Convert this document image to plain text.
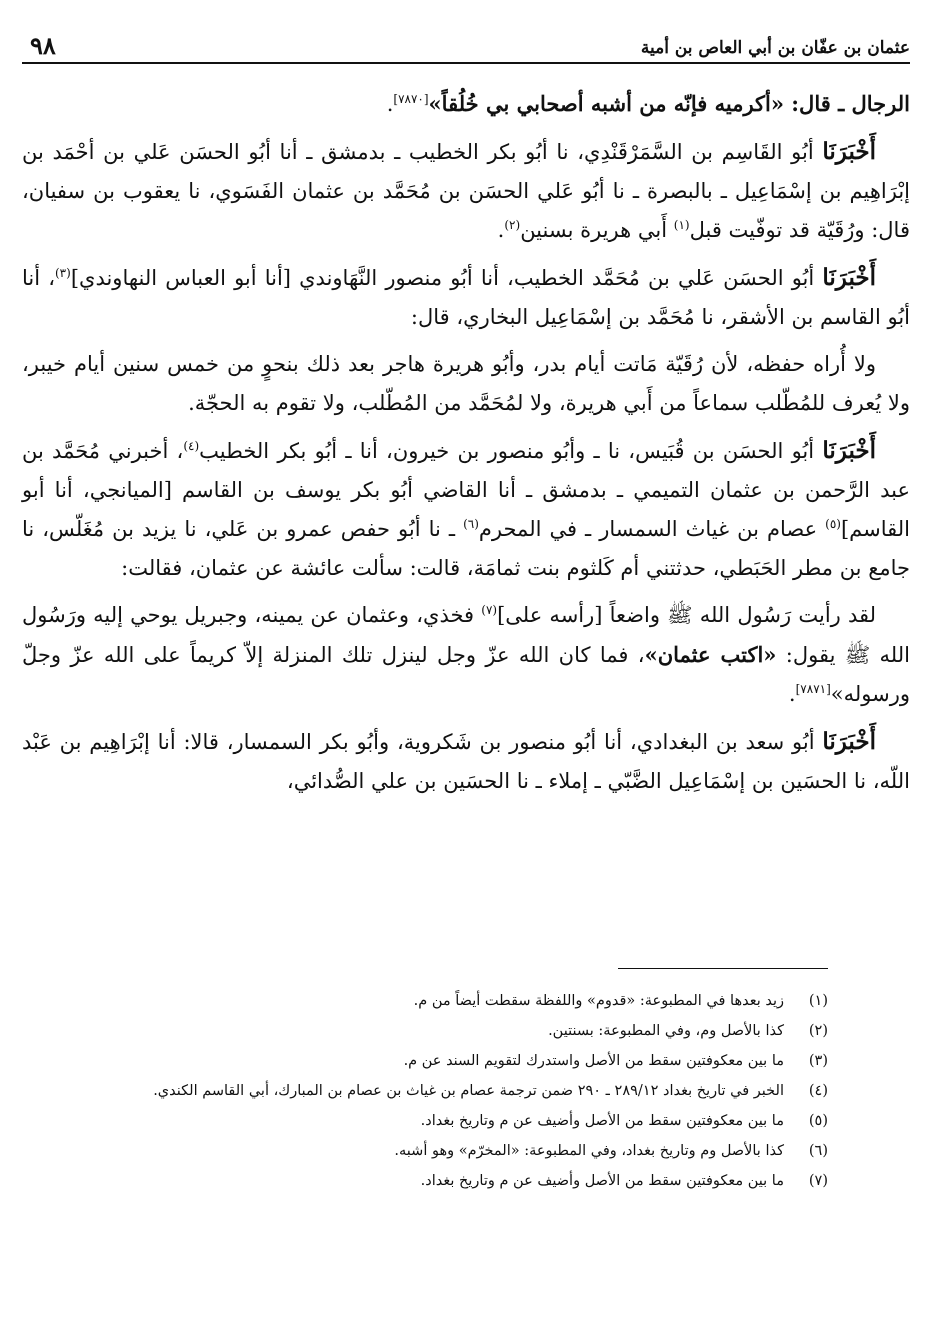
عثمان بن عفّان بن أبي العاص بن أمية
٩٨

الرجال ـ قال: «أكرميه فإنّه من أشبه أصحابي بي خُلُقاً»[٧٨٧٠].

أَخْبَرَنَا أبُو القَاسِم بن السَّمَرْقَنْدِي، نا أبُو بكر الخطيب ـ بدمشق ـ أنا أبُو الحسَن عَلي بن أحْمَد بن إبْرَاهِيم بن إسْمَاعِيل ـ بالبصرة ـ نا أبُو عَلي الحسَن بن مُحَمَّد بن عثمان الفَسَوي، نا يعقوب بن سفيان، قال: ورُقَيّة قد توفّيت قبل$^{(١)}$ أَبي هريرة بسنين$^{(٢)}$.

أَخْبَرَنَا أبُو الحسَن عَلي بن مُحَمَّد الخطيب، أنا أبُو منصور النَّهَاوندي [أنا أبو العباس النهاوندي]$^{(٣)}$، أنا أبُو القاسم بن الأشقر، نا مُحَمَّد بن إسْمَاعِيل البخاري، قال:

ولا أُراه حفظه، لأن رُقَيّة مَاتت أيام بدر، وأبُو هريرة هاجر بعد ذلك بنحوٍ من خمس سنين أيام خيبر، ولا يُعرف للمُطّلب سماعاً من أَبي هريرة، ولا لمُحَمَّد من المُطّلب، ولا تقوم به الحجّة.

أَخْبَرَنَا أبُو الحسَن بن قُبَيس، نا ـ وأبُو منصور بن خيرون، أنا ـ أبُو بكر الخطيب$^{(٤)}$، أخبرني مُحَمَّد بن عبد الرَّحمن بن عثمان التميمي ـ بدمشق ـ أنا القاضي أبُو بكر يوسف بن القاسم [الميانجي، أنا أبو القاسم]$^{(٥)}$ عصام بن غياث السمسار ـ في المحرم$^{(٦)}$ ـ نا أبُو حفص عمرو بن عَلي، نا يزيد بن مُغَلّس، نا جامع بن مطر الحَبَطي، حدثتني أم كَلثوم بنت ثمامَة، قالت: سألت عائشة عن عثمان، فقالت:

لقد رأيت رَسُول الله ﷺ واضعاً [رأسه على]$^{(٧)}$ فخذي، وعثمان عن يمينه، وجبريل يوحي إليه ورَسُول الله ﷺ يقول: «اكتب عثمان»، فما كان الله عزّ وجل لينزل تلك المنزلة إلاّ كريماً على الله عزّ وجلّ ورسوله»[٧٨٧١].

أَخْبَرَنَا أبُو سعد بن البغدادي، أنا أبُو منصور بن شَكروية، وأبُو بكر السمسار، قالا: أنا إبْرَاهِيم بن عَبْد اللّه، نا الحسَين بن إسْمَاعِيل الضَّبّي ـ إملاء ـ نا الحسَين بن علي الصُّدائي،

(١)
زيد بعدها في المطبوعة: «قدوم» واللفظة سقطت أيضاً من م.
(٢)
كذا بالأصل وم، وفي المطبوعة: بسنتين.
(٣)
ما بين معكوفتين سقط من الأصل واستدرك لتقويم السند عن م.
(٤)
الخبر في تاريخ بغداد ٢٨٩/١٢ ـ ٢٩٠ ضمن ترجمة عصام بن غياث بن عصام بن المبارك، أبي القاسم الكندي.
(٥)
ما بين معكوفتين سقط من الأصل وأضيف عن م وتاريخ بغداد.
(٦)
كذا بالأصل وم وتاريخ بغداد، وفي المطبوعة: «المخرّم» وهو أشبه.
(٧)
ما بين معكوفتين سقط من الأصل وأضيف عن م وتاريخ بغداد.
